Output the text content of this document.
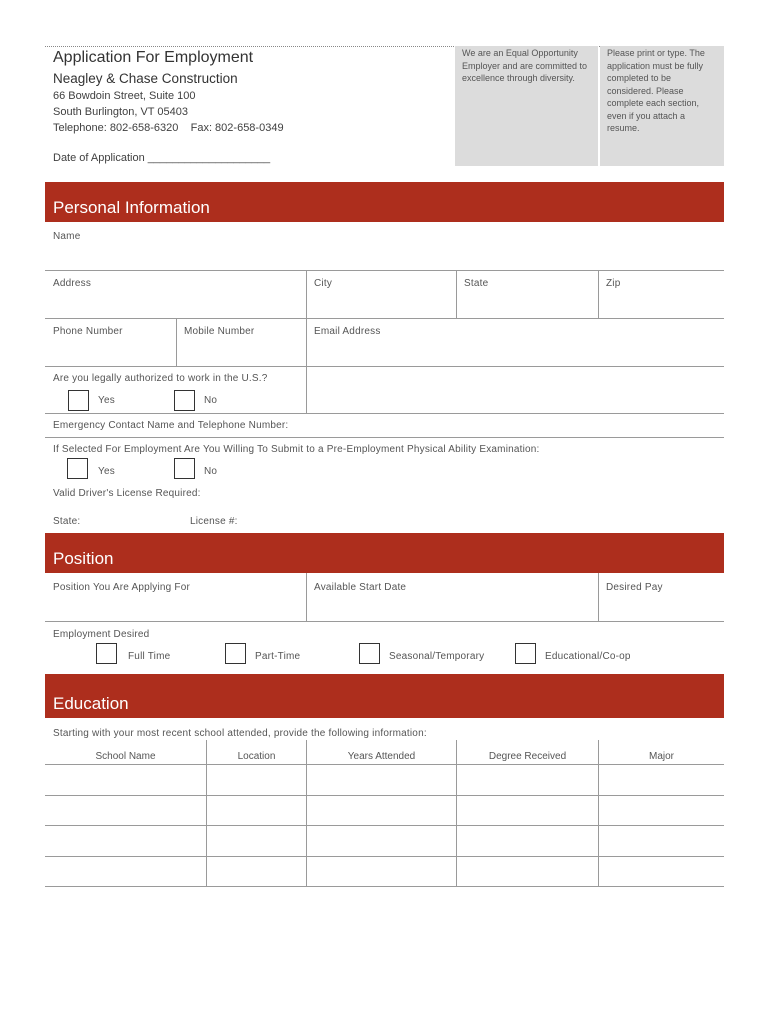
Application For Employment
Neagley & Chase Construction
66 Bowdoin Street, Suite 100
South Burlington, VT 05403
Telephone: 802-658-6320    Fax: 802-658-0349
Date of Application ____________________
We are an Equal Opportunity Employer and are committed to excellence through diversity.
Please print or type. The application must be fully completed to be considered. Please complete each section, even if you attach a resume.
Personal Information
Name
Address	City	State	Zip
Phone Number	Mobile Number	Email Address
Are you legally authorized to work in the U.S.?
Yes	No
Emergency Contact Name and Telephone Number:
If Selected For Employment Are You Willing To Submit to a Pre-Employment Physical Ability Examination:
Yes	No
Valid Driver's License Required:
State:	License #:
Position
Position You Are Applying For	Available Start Date	Desired Pay
Employment Desired
Full Time	Part-Time	Seasonal/Temporary	Educational/Co-op
Education
Starting with your most recent school attended, provide the following information:
School Name	Location	Years Attended	Degree Received	Major
